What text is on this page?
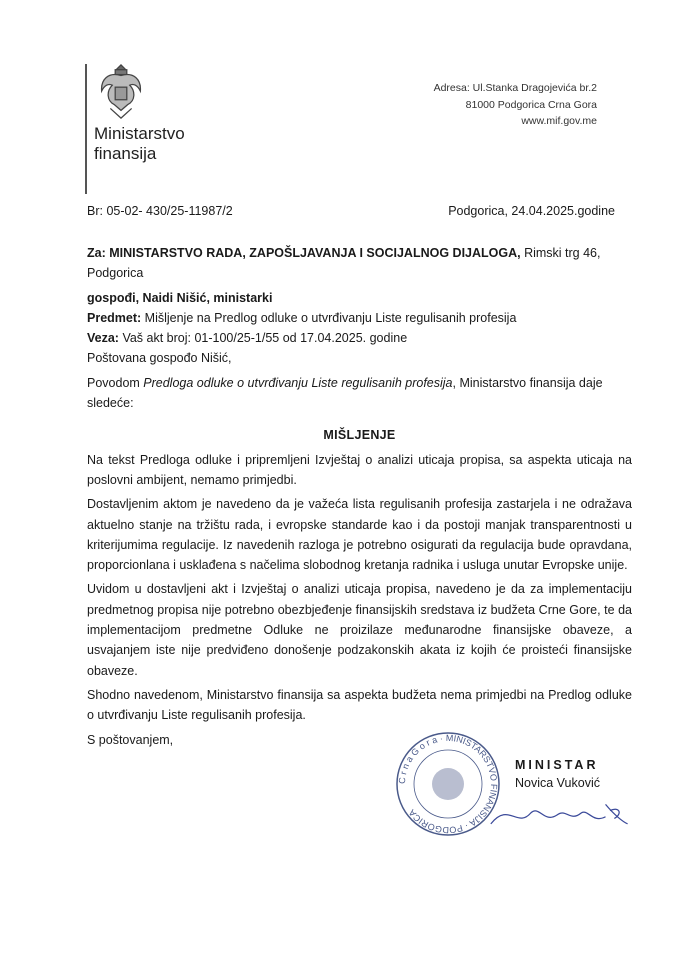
Ministarstvo
finansija
Adresa: Ul.Stanka Dragojevića br.2
81000 Podgorica Crna Gora
www.mif.gov.me
Br: 05-02- 430/25-11987/2	Podgorica, 24.04.2025.godine

Za: MINISTARSTVO RADA, ZAPOŠLJAVANJA I SOCIJALNOG DIJALOGA, Rimski trg 46,

Podgorica

gospođi, Naidi Nišić, ministarki

Predmet: Mišljenje na Predlog odluke o utvrđivanju Liste regulisanih profesija

Veza: Vaš akt broj: 01-100/25-1/55 od 17.04.2025. godine

Poštovana gospođo Nišić,

Povodom Predloga odluke o utvrđivanju Liste regulisanih profesija, Ministarstvo finansija daje sledeće:

MIŠLJENJE

Na tekst Predloga odluke i pripremljeni Izvještaj o analizi uticaja propisa, sa aspekta uticaja na poslovni ambijent, nemamo primjedbi.

Dostavljenim aktom je navedeno da je važeća lista regulisanih profesija zastarjela i ne odražava aktuelno stanje na tržištu rada, i evropske standarde kao i da postoji manjak transparentnosti u kriterijumima regulacije. Iz navedenih razloga je potrebno osigurati da regulacija bude opravdana, proporcionlana i usklađena s načelima slobodnog kretanja radnika i usluga unutar Evropske unije.

Uvidom u dostavljeni akt i Izvještaj o analizi uticaja propisa, navedeno je da za implementaciju predmetnog propisa nije potrebno obezbjeđenje finansijskih sredstava iz budžeta Crne Gore, te da implementacijom predmetne Odluke ne proizilaze međunarodne finansijske obaveze, a usvajanjem iste nije predviđeno donošenje podzakonskih akata iz kojih će proisteći finansijske obaveze.

Shodno navedenom, Ministarstvo finansija sa aspekta budžeta nema primjedbi na Predlog odluke o utvrđivanju Liste regulisanih profesija.

S poštovanjem,
C r n a G o r a · MINISTARSTVO FINANSIJA · PODGORICA
MINISTAR
Novica Vuković
